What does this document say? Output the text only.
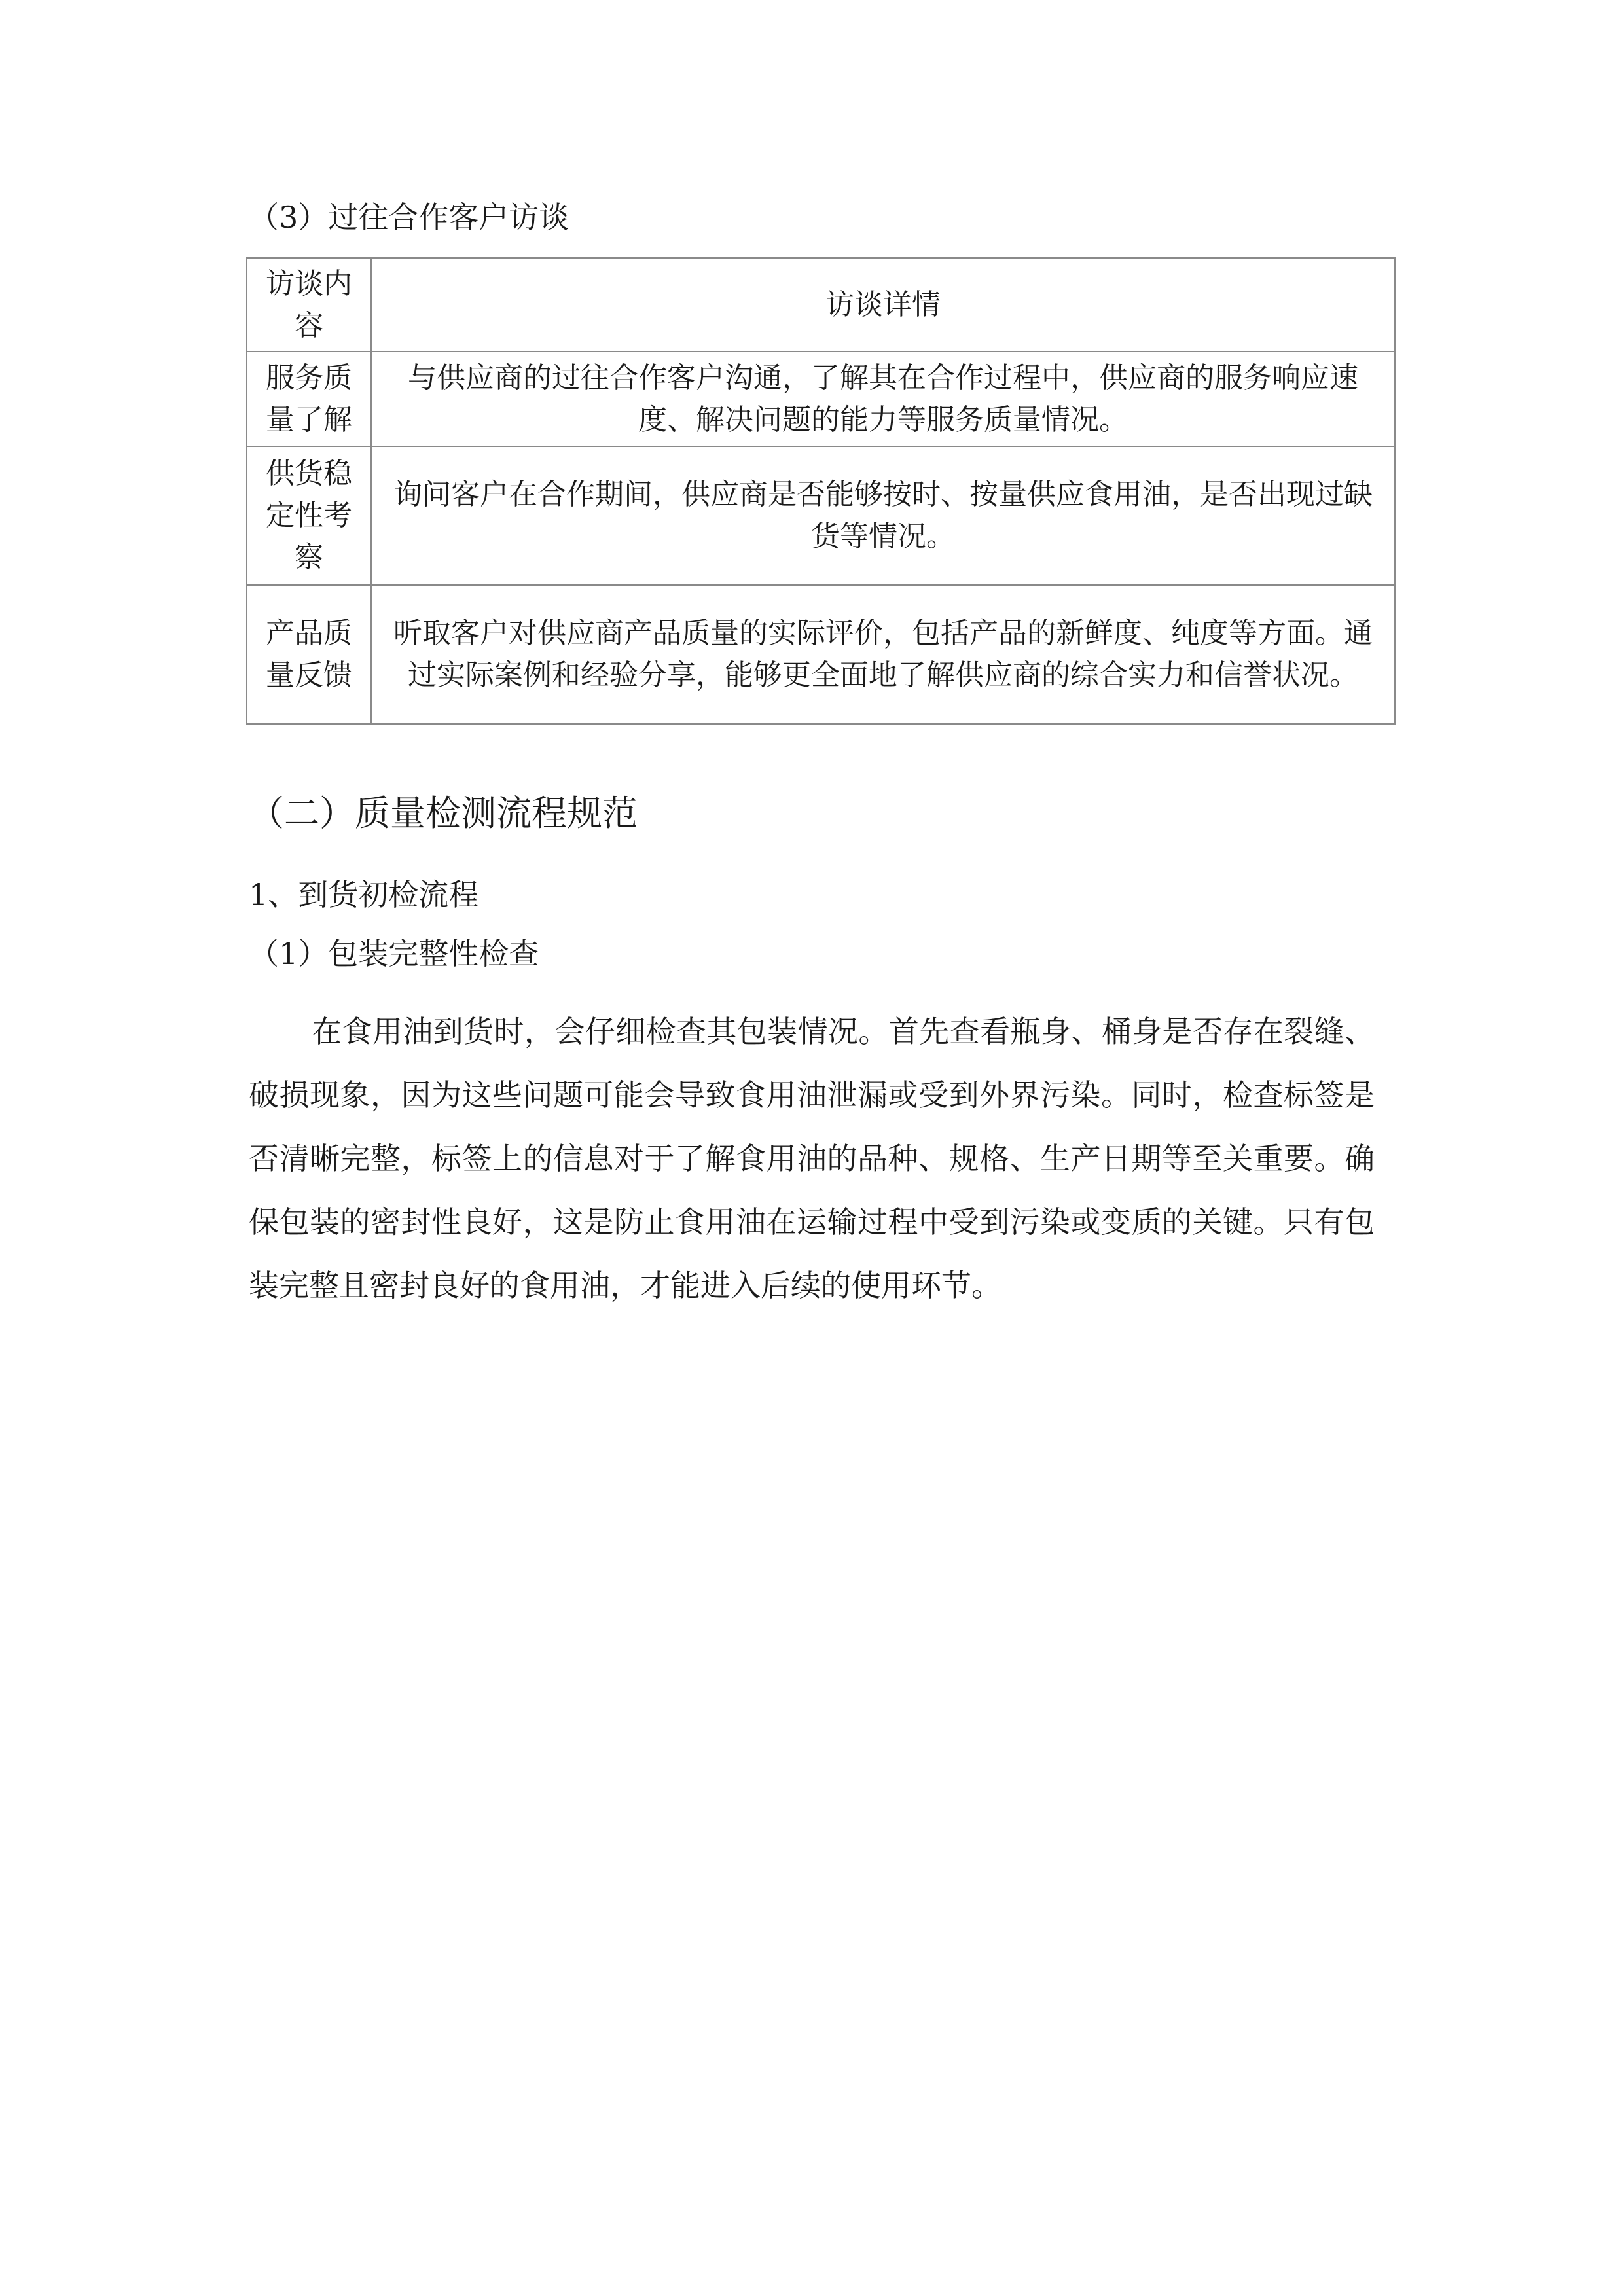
（3）过往合作客户访谈
访谈内容	访谈详情

服务质量了解	与供应商的过往合作客户沟通，了解其在合作过程中，供应商的服务响应速度、解决问题的能力等服务质量情况。

供货稳定性考察	询问客户在合作期间，供应商是否能够按时、按量供应食用油，是否出现过缺货等情况。

产品质量反馈	听取客户对供应商产品质量的实际评价，包括产品的新鲜度、纯度等方面。通过实际案例和经验分享，能够更全面地了解供应商的综合实力和信誉状况。
（二）质量检测流程规范
1、到货初检流程
（1）包装完整性检查

在食用油到货时，会仔细检查其包装情况。首先查看瓶身、桶身是否存在裂缝、破损现象，因为这些问题可能会导致食用油泄漏或受到外界污染。同时，检查标签是否清晰完整，标签上的信息对于了解食用油的品种、规格、生产日期等至关重要。确保包装的密封性良好，这是防止食用油在运输过程中受到污染或变质的关键。只有包装完整且密封良好的食用油，才能进入后续的使用环节。
